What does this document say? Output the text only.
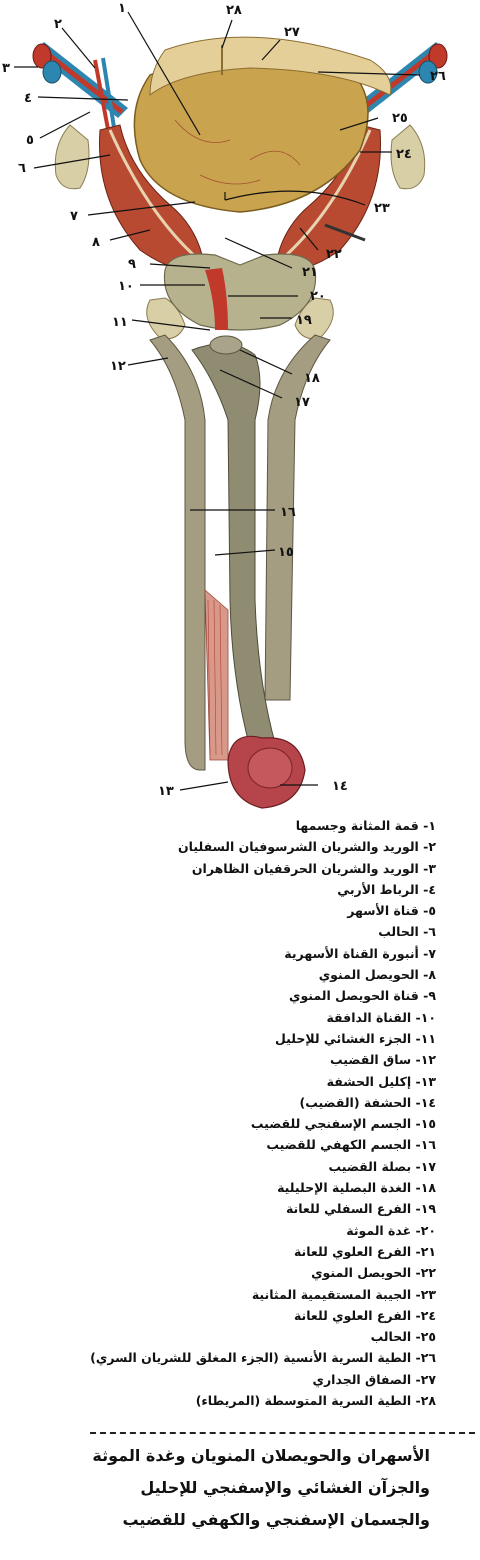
١
٢
٣
٤
٥
٦
٧
٨
٩
١٠
١١
١٢
١٣	١٤
١٥
١٦
١٧
١٨
١٩
٢٠
٢١
٢٢
٢٣
٢٤
٢٥
٢٦
٢٧
٢٨
١- قمة المثانة وجسمها
٢- الوريد والشريان الشرسوفيان السفليان
٣- الوريد والشريان الحرقفيان الظاهران
٤- الرباط الأربي
٥- قناة الأسهر
٦- الحالب
٧- أنبورة القناة الأسهرية
٨- الحويصل المنوي
٩- قناة الحويصل المنوي
١٠- القناة الدافقة
١١- الجزء الغشائي للإحليل
١٢- ساق القضيب
١٣- إكليل الحشفة
١٤- الحشفة (القضيب)
١٥- الجسم الإسفنجي للقضيب
١٦- الجسم الكهفي للقضيب
١٧- بصلة القضيب
١٨- الغدة البصلية الإحليلية
١٩- الفرع السفلي للعانة
٢٠- غدة الموثة
٢١- الفرع العلوي للعانة
٢٢- الحويصل المنوي
٢٣- الجيبة المستقيمية المثانية
٢٤- الفرع العلوي للعانة
٢٥- الحالب
٢٦- الطية السرية الأنسية (الجزء المغلق للشريان السري)
٢٧- الصفاق الجداري
٢٨- الطية السرية المتوسطة (المريطاء)
الأسهران والحويصلان المنويان وغدة الموثة
والجزآن الغشائي والإسفنجي للإحليل
والجسمان الإسفنجي والكهفي للقضيب
